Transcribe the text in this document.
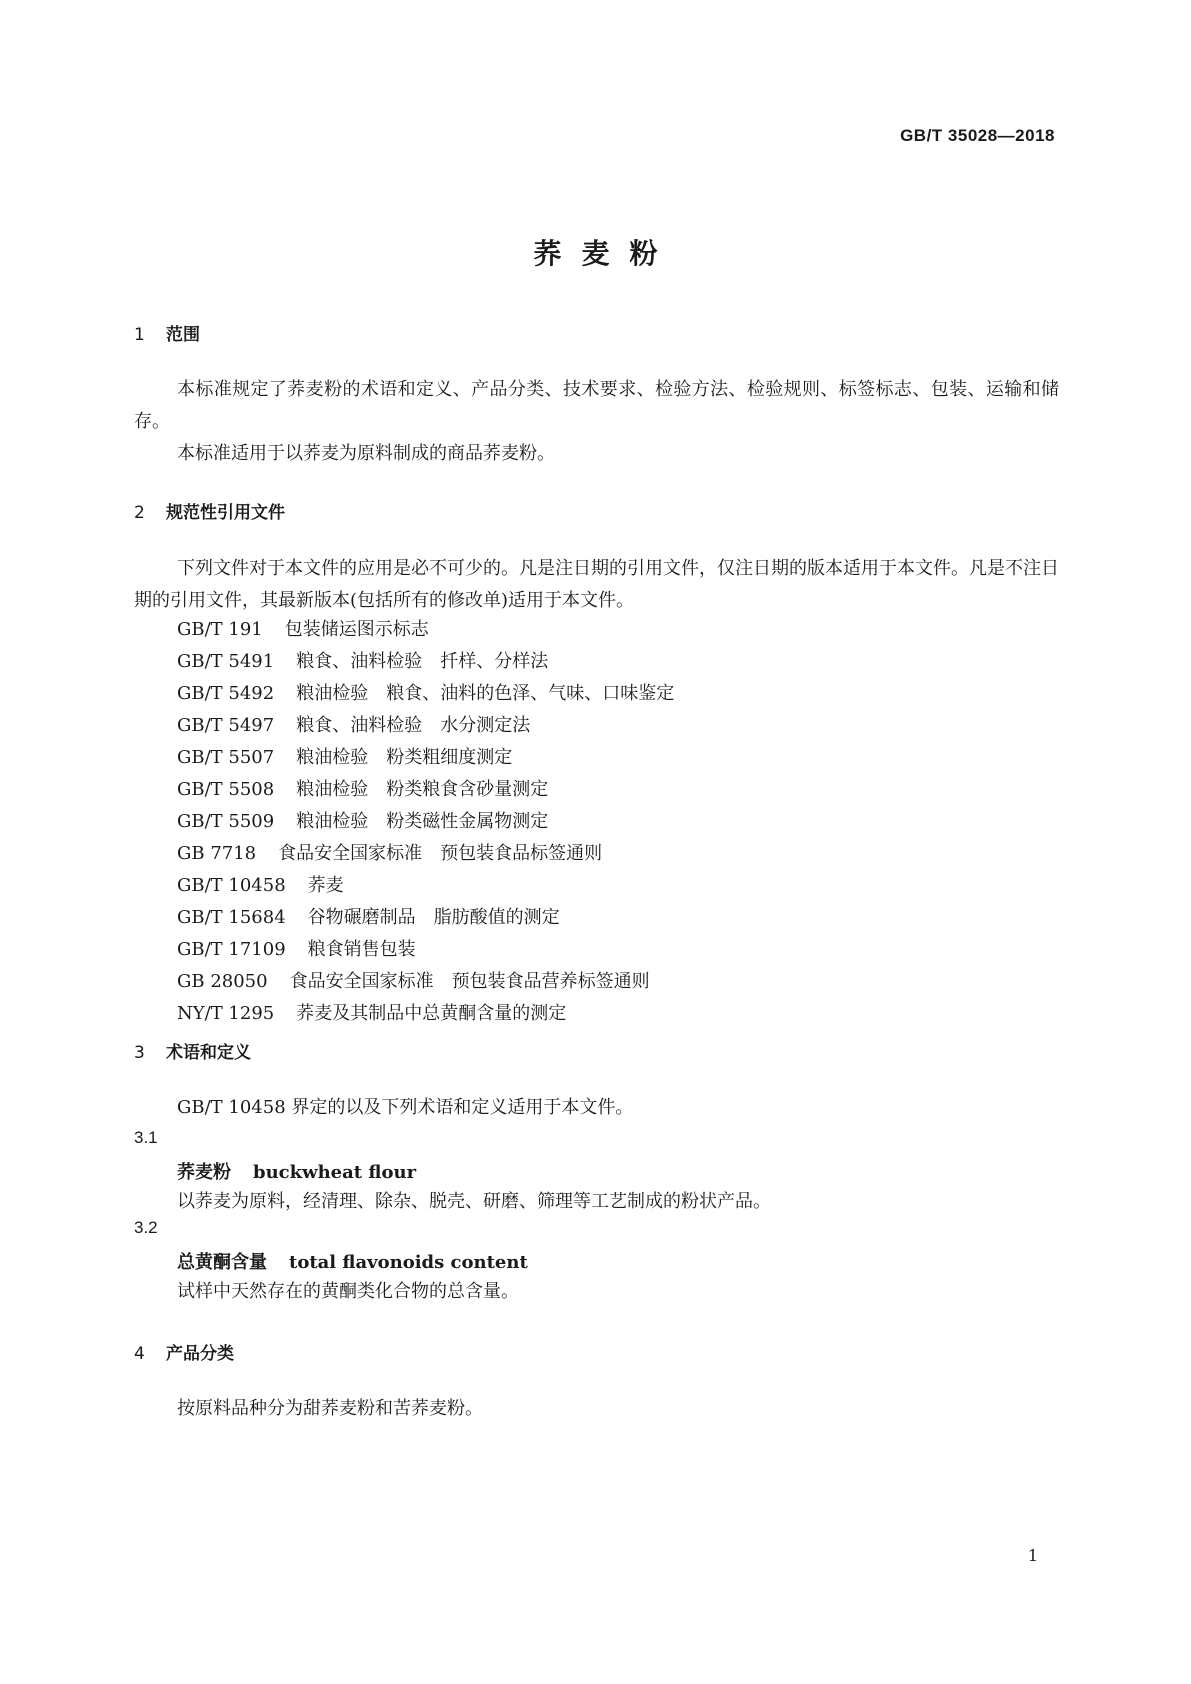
GB/T 35028—2018
荞麦粉
1 范围

本标准规定了荞麦粉的术语和定义、产品分类、技术要求、检验方法、检验规则、标签标志、包装、运输和储存。

本标准适用于以荞麦为原料制成的商品荞麦粉。

2 规范性引用文件

下列文件对于本文件的应用是必不可少的。凡是注日期的引用文件，仅注日期的版本适用于本文件。凡是不注日期的引用文件，其最新版本(包括所有的修改单)适用于本文件。

GB/T 191 包装储运图示标志
GB/T 5491 粮食、油料检验　扦样、分样法
GB/T 5492 粮油检验　粮食、油料的色泽、气味、口味鉴定
GB/T 5497 粮食、油料检验　水分测定法
GB/T 5507 粮油检验　粉类粗细度测定
GB/T 5508 粮油检验　粉类粮食含砂量测定
GB/T 5509 粮油检验　粉类磁性金属物测定
GB 7718 食品安全国家标准　预包装食品标签通则
GB/T 10458 荞麦
GB/T 15684 谷物碾磨制品　脂肪酸值的测定
GB/T 17109 粮食销售包装
GB 28050 食品安全国家标准　预包装食品营养标签通则
NY/T 1295 荞麦及其制品中总黄酮含量的测定
3 术语和定义

GB/T 10458 界定的以及下列术语和定义适用于本文件。

3.1
荞麦粉 buckwheat flour
以荞麦为原料，经清理、除杂、脱壳、研磨、筛理等工艺制成的粉状产品。
3.2
总黄酮含量 total flavonoids content
试样中天然存在的黄酮类化合物的总含量。
4 产品分类

按原料品种分为甜荞麦粉和苦荞麦粉。

1
